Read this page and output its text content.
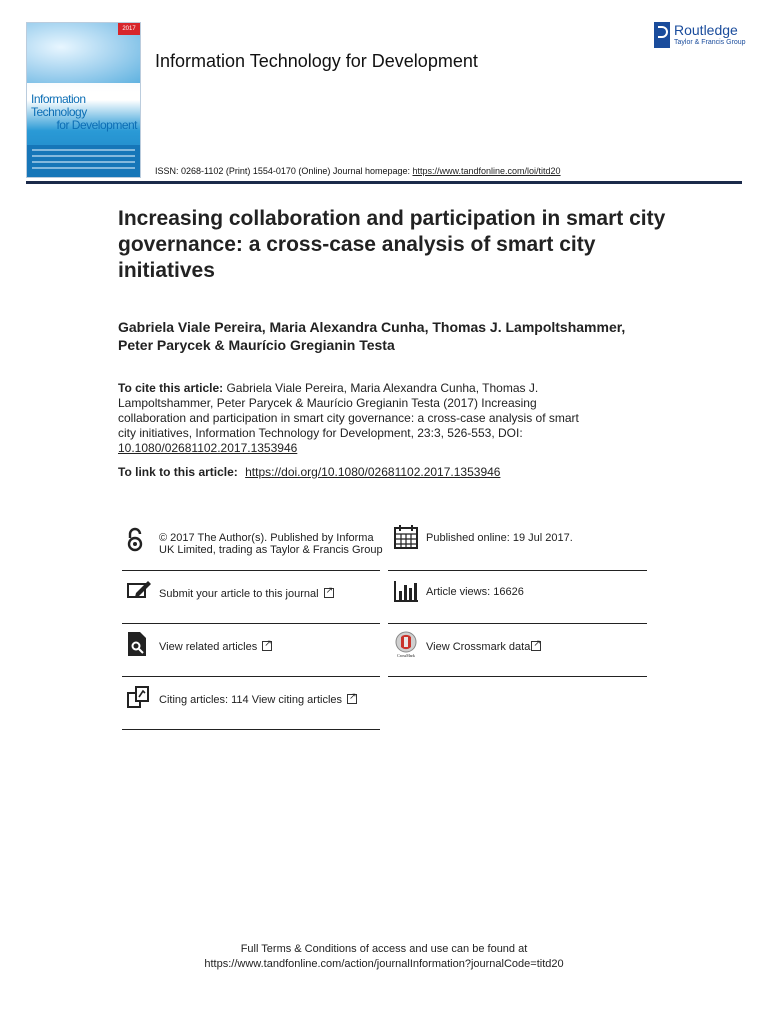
2017
Information Technology
for Development
Information Technology for Development
Routledge
Taylor & Francis Group
ISSN: 0268-1102 (Print) 1554-0170 (Online) Journal homepage: https://www.tandfonline.com/loi/titd20
Increasing collaboration and participation in smart city governance: a cross-case analysis of smart city initiatives
Gabriela Viale Pereira, Maria Alexandra Cunha, Thomas J. Lampoltshammer,
Peter Parycek & Maurício Gregianin Testa
To cite this article: Gabriela Viale Pereira, Maria Alexandra Cunha, Thomas J. Lampoltshammer, Peter Parycek & Maurício Gregianin Testa (2017) Increasing collaboration and participation in smart city governance: a cross-case analysis of smart city initiatives, Information Technology for Development, 23:3, 526-553, DOI: 10.1080/02681102.2017.1353946
To link to this article: https://doi.org/10.1080/02681102.2017.1353946
© 2017 The Author(s). Published by Informa UK Limited, trading as Taylor & Francis Group
Submit your article to this journal↗
View related articles↗
Citing articles: 114 View citing articles↗
Published online: 19 Jul 2017.
Article views: 16626
CrossMark
View Crossmark data↗
Full Terms & Conditions of access and use can be found at
https://www.tandfonline.com/action/journalInformation?journalCode=titd20
